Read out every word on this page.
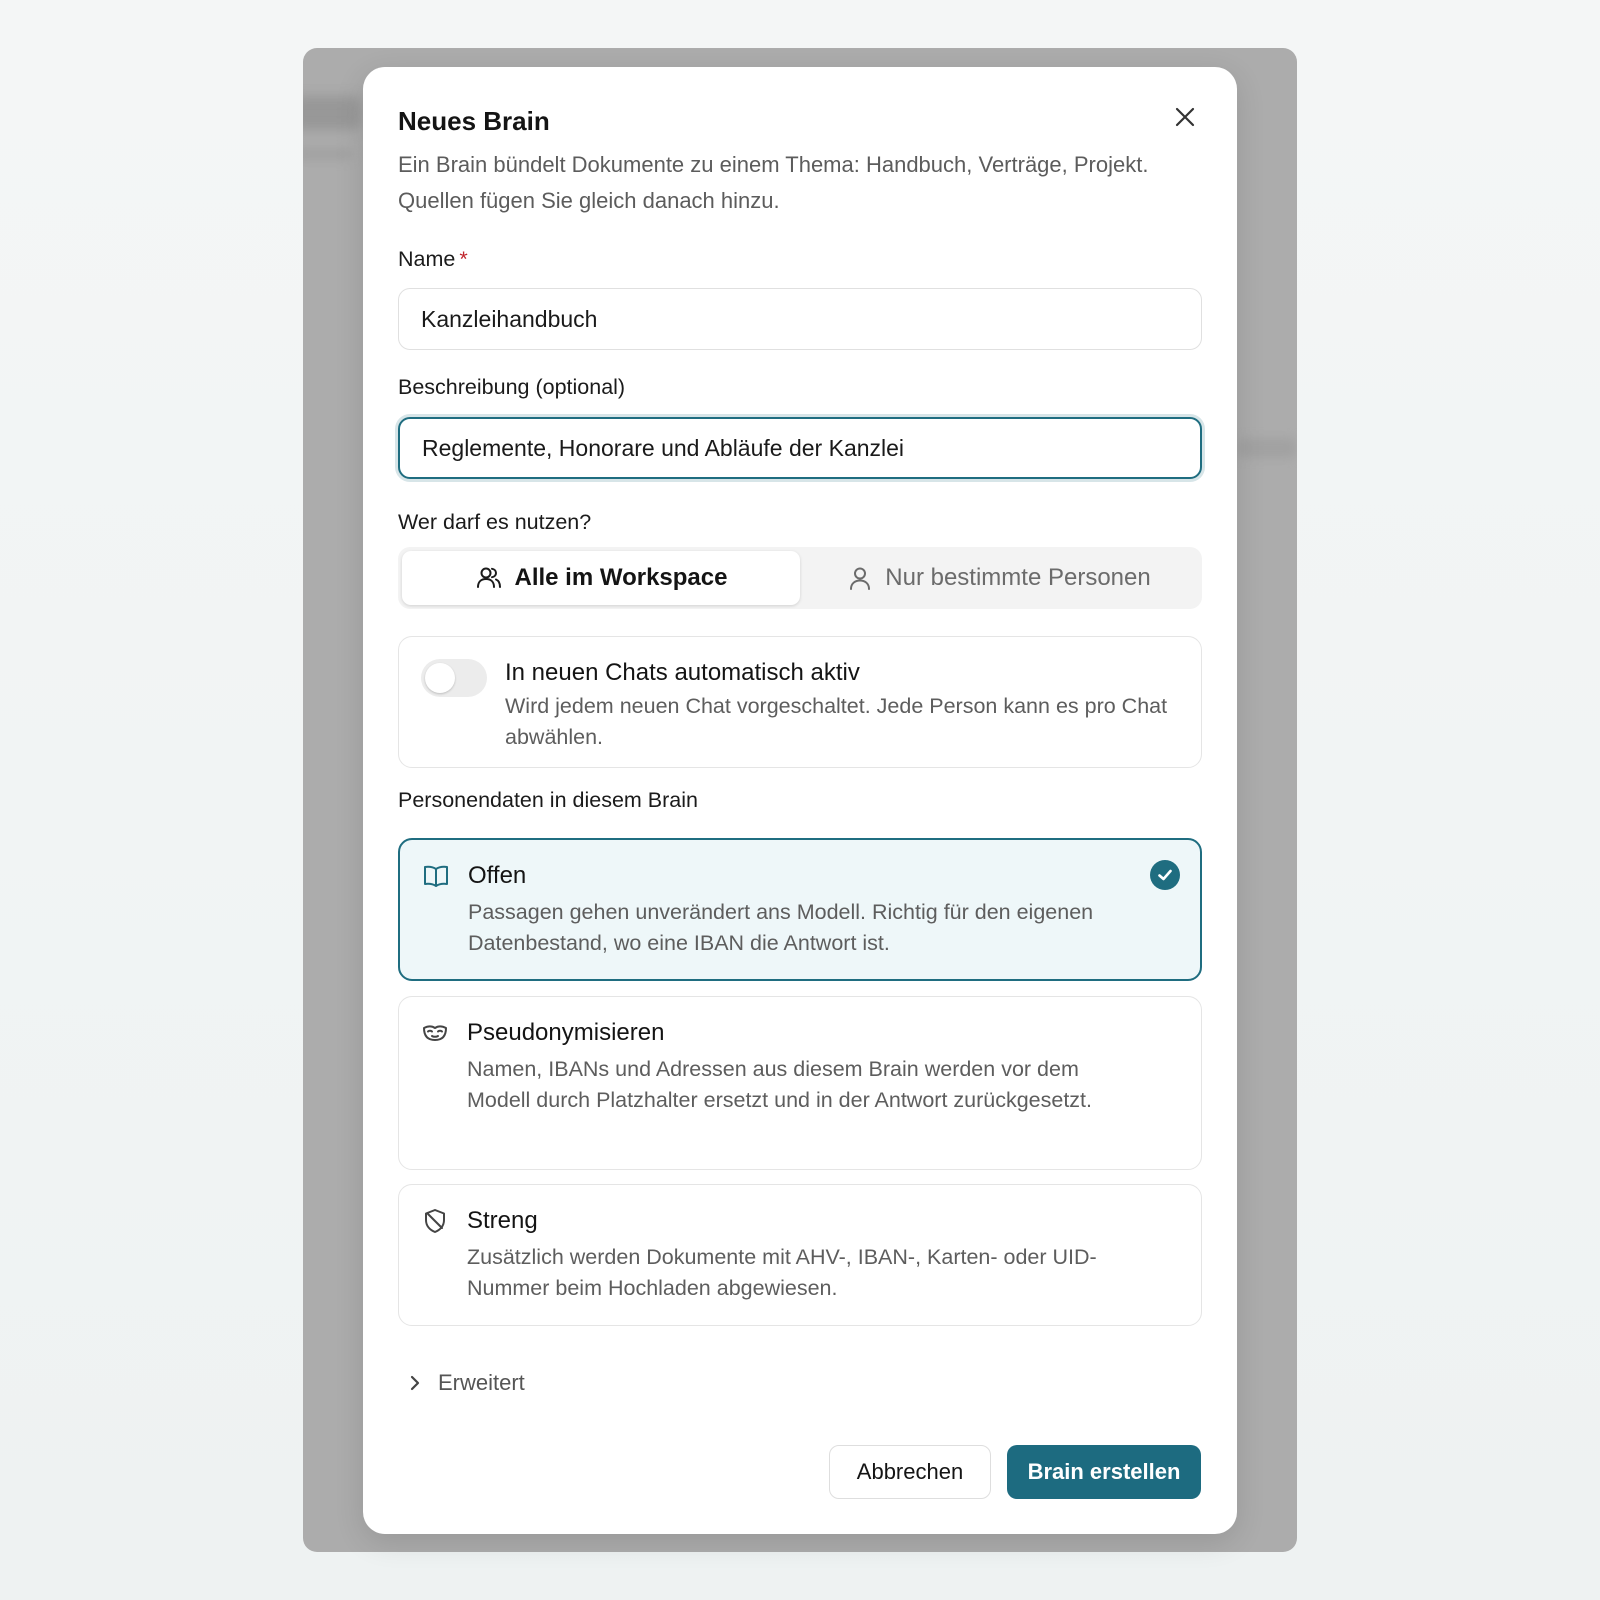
Neues Brain
Ein Brain bündelt Dokumente zu einem Thema: Handbuch, Verträge, Projekt. Quellen fügen Sie gleich danach hinzu.
Name *
Kanzleihandbuch
Beschreibung (optional)
Reglemente, Honorare und Abläufe der Kanzlei
Wer darf es nutzen?
Alle im Workspace	Nur bestimmte Personen
In neuen Chats automatisch aktiv
Wird jedem neuen Chat vorgeschaltet. Jede Person kann es pro Chat abwählen.
Personendaten in diesem Brain
Offen
Passagen gehen unverändert ans Modell. Richtig für den eigenen Datenbestand, wo eine IBAN die Antwort ist.
Pseudonymisieren
Namen, IBANs und Adressen aus diesem Brain werden vor dem Modell durch Platzhalter ersetzt und in der Antwort zurückgesetzt.
Streng
Zusätzlich werden Dokumente mit AHV-, IBAN-, Karten- oder UID-Nummer beim Hochladen abgewiesen.
Erweitert
Abbrechen	Brain erstellen
